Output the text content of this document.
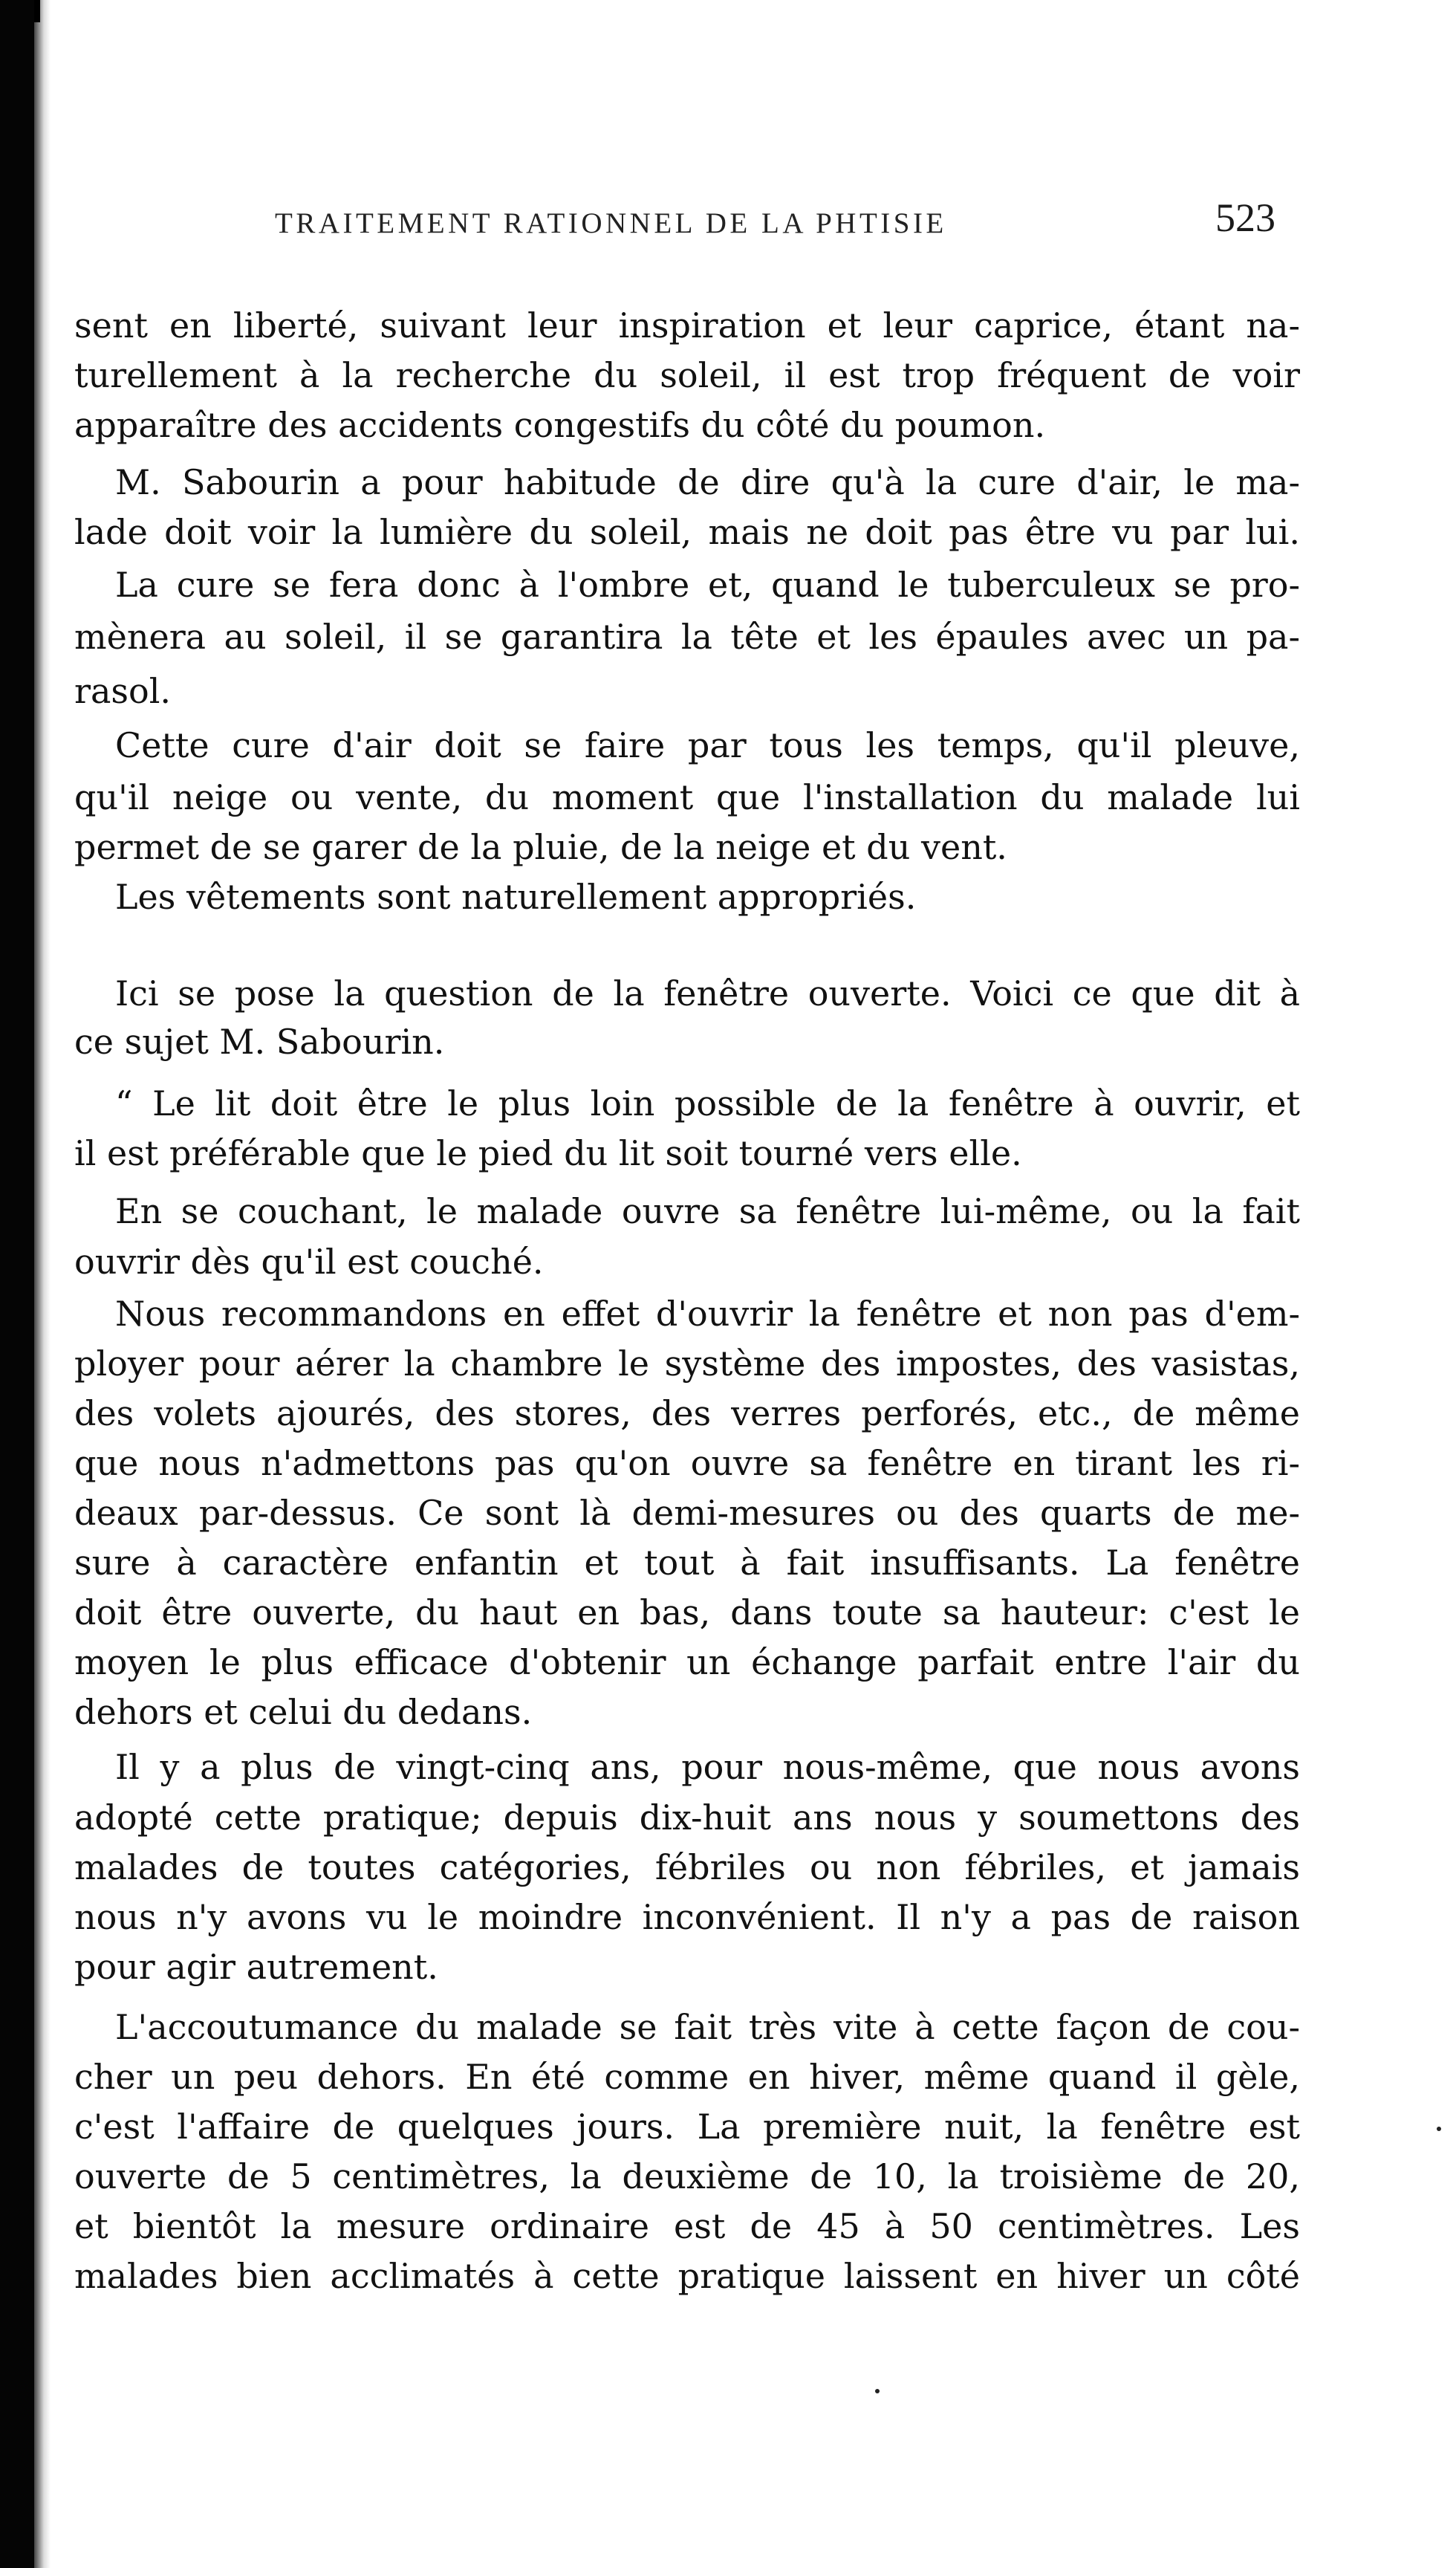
TRAITEMENT RATIONNEL DE LA PHTISIE	523
sent en liberté, suivant leur inspiration et leur caprice, étant na-
turellement à la recherche du soleil, il est trop fréquent de voir
apparaître des accidents congestifs du côté du poumon.
M. Sabourin a pour habitude de dire qu'à la cure d'air, le ma-
lade doit voir la lumière du soleil, mais ne doit pas être vu par lui.
La cure se fera donc à l'ombre et, quand le tuberculeux se pro-
mènera au soleil, il se garantira la tête et les épaules avec un pa-
rasol.
Cette cure d'air doit se faire par tous les temps, qu'il pleuve,
qu'il neige ou vente, du moment que l'installation du malade lui
permet de se garer de la pluie, de la neige et du vent.
Les vêtements sont naturellement appropriés.
Ici se pose la question de la fenêtre ouverte. Voici ce que dit à
ce sujet M. Sabourin.
“ Le lit doit être le plus loin possible de la fenêtre à ouvrir, et
il est préférable que le pied du lit soit tourné vers elle.
En se couchant, le malade ouvre sa fenêtre lui-même, ou la fait
ouvrir dès qu'il est couché.
Nous recommandons en effet d'ouvrir la fenêtre et non pas d'em-
ployer pour aérer la chambre le système des impostes, des vasistas,
des volets ajourés, des stores, des verres perforés, etc., de même
que nous n'admettons pas qu'on ouvre sa fenêtre en tirant les ri-
deaux par-dessus. Ce sont là demi-mesures ou des quarts de me-
sure à caractère enfantin et tout à fait insuffisants. La fenêtre
doit être ouverte, du haut en bas, dans toute sa hauteur: c'est le
moyen le plus efficace d'obtenir un échange parfait entre l'air du
dehors et celui du dedans.
Il y a plus de vingt-cinq ans, pour nous-même, que nous avons
adopté cette pratique; depuis dix-huit ans nous y soumettons des
malades de toutes catégories, fébriles ou non fébriles, et jamais
nous n'y avons vu le moindre inconvénient. Il n'y a pas de raison
pour agir autrement.
L'accoutumance du malade se fait très vite à cette façon de cou-
cher un peu dehors. En été comme en hiver, même quand il gèle,
c'est l'affaire de quelques jours. La première nuit, la fenêtre est
ouverte de 5 centimètres, la deuxième de 10, la troisième de 20,
et bientôt la mesure ordinaire est de 45 à 50 centimètres. Les
malades bien acclimatés à cette pratique laissent en hiver un côté
